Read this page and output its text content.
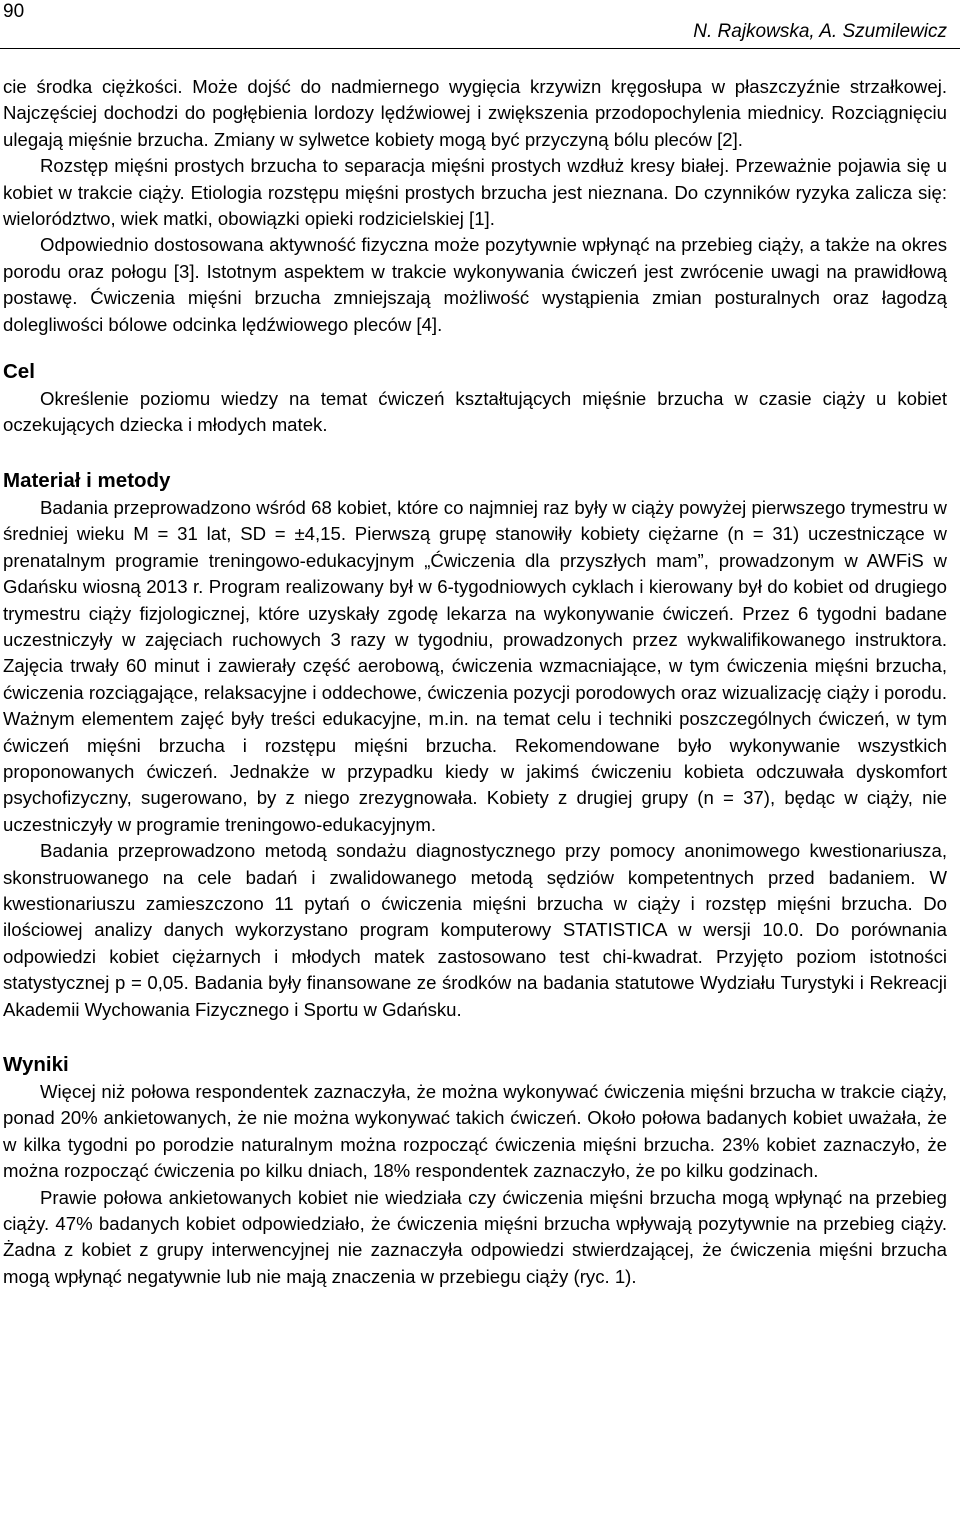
90
N. Rajkowska, A. Szumilewicz

cie środka ciężkości. Może dojść do nadmiernego wygięcia krzywizn kręgosłupa w płaszczyźnie strzałkowej. Najczęściej dochodzi do pogłębienia lordozy lędźwiowej i zwiększenia przodopochylenia miednicy. Rozciągnięciu ulegają mięśnie brzucha. Zmiany w sylwetce kobiety mogą być przyczyną bólu pleców [2].

Rozstęp mięśni prostych brzucha to separacja mięśni prostych wzdłuż kresy białej. Przeważnie pojawia się u kobiet w trakcie ciąży. Etiologia rozstępu mięśni prostych brzucha jest nieznana. Do czynników ryzyka zalicza się: wielorództwo, wiek matki, obowiązki opieki rodzicielskiej [1].

Odpowiednio dostosowana aktywność fizyczna może pozytywnie wpłynąć na przebieg ciąży, a także na okres porodu oraz połogu [3]. Istotnym aspektem w trakcie wykonywania ćwiczeń jest zwrócenie uwagi na prawidłową postawę. Ćwiczenia mięśni brzucha zmniejszają możliwość wystąpienia zmian posturalnych oraz łagodzą dolegliwości bólowe odcinka lędźwiowego pleców [4].

Cel

Określenie poziomu wiedzy na temat ćwiczeń kształtujących mięśnie brzucha w czasie ciąży u kobiet oczekujących dziecka i młodych matek.

Materiał i metody

Badania przeprowadzono wśród 68 kobiet, które co najmniej raz były w ciąży powyżej pierwszego trymestru w średniej wieku M = 31 lat, SD = ±4,15. Pierwszą grupę stanowiły kobiety ciężarne (n = 31) uczestniczące w prenatalnym programie treningowo-edukacyjnym „Ćwiczenia dla przyszłych mam”, prowadzonym w AWFiS w Gdańsku wiosną 2013 r. Program realizowany był w 6-tygodniowych cyklach i kierowany był do kobiet od drugiego trymestru ciąży fizjologicznej, które uzyskały zgodę lekarza na wykonywanie ćwiczeń. Przez 6 tygodni badane uczestniczyły w zajęciach ruchowych 3 razy w tygodniu, prowadzonych przez wykwalifikowanego instruktora. Zajęcia trwały 60 minut i zawierały część aerobową, ćwiczenia wzmacniające, w tym ćwiczenia mięśni brzucha, ćwiczenia rozciągające, relaksacyjne i oddechowe, ćwiczenia pozycji porodowych oraz wizualizację ciąży i porodu. Ważnym elementem zajęć były treści edukacyjne, m.in. na temat celu i techniki poszczególnych ćwiczeń, w tym ćwiczeń mięśni brzucha i rozstępu mięśni brzucha. Rekomendowane było wykonywanie wszystkich proponowanych ćwiczeń. Jednakże w przypadku kiedy w jakimś ćwiczeniu kobieta odczuwała dyskomfort psychofizyczny, sugerowano, by z niego zrezygnowała. Kobiety z drugiej grupy (n = 37), będąc w ciąży, nie uczestniczyły w programie treningowo-edukacyjnym.

Badania przeprowadzono metodą sondażu diagnostycznego przy pomocy anonimowego kwestionariusza, skonstruowanego na cele badań i zwalidowanego metodą sędziów kompetentnych przed badaniem. W kwestionariuszu zamieszczono 11 pytań o ćwiczenia mięśni brzucha w ciąży i rozstęp mięśni brzucha. Do ilościowej analizy danych wykorzystano program komputerowy STATISTICA w wersji 10.0. Do porównania odpowiedzi kobiet ciężarnych i młodych matek zastosowano test chi-kwadrat. Przyjęto poziom istotności statystycznej p = 0,05. Badania były finansowane ze środków na badania statutowe Wydziału Turystyki i Rekreacji Akademii Wychowania Fizycznego i Sportu w Gdańsku.

Wyniki

Więcej niż połowa respondentek zaznaczyła, że można wykonywać ćwiczenia mięśni brzucha w trakcie ciąży, ponad 20% ankietowanych, że nie można wykonywać takich ćwiczeń. Około połowa badanych kobiet uważała, że w kilka tygodni po porodzie naturalnym można rozpocząć ćwiczenia mięśni brzucha. 23% kobiet zaznaczyło, że można rozpocząć ćwiczenia po kilku dniach, 18% respondentek zaznaczyło, że po kilku godzinach.

Prawie połowa ankietowanych kobiet nie wiedziała czy ćwiczenia mięśni brzucha mogą wpłynąć na przebieg ciąży. 47% badanych kobiet odpowiedziało, że ćwiczenia mięśni brzucha wpływają pozytywnie na przebieg ciąży. Żadna z kobiet z grupy interwencyjnej nie zaznaczyła odpowiedzi stwierdzającej, że ćwiczenia mięśni brzucha mogą wpłynąć negatywnie lub nie mają znaczenia w przebiegu ciąży (ryc. 1).
